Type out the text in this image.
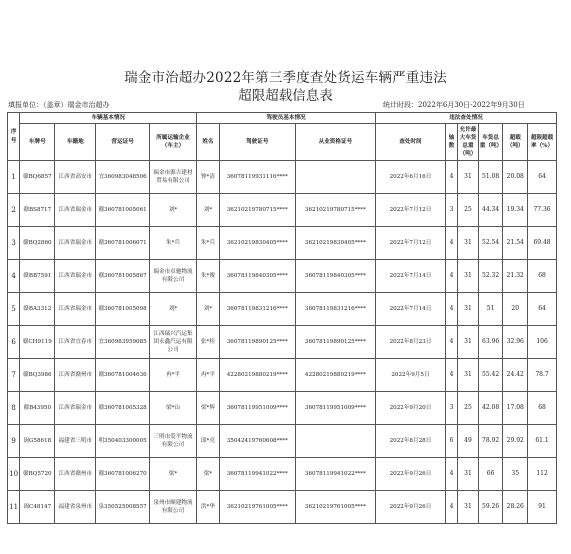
瑞金市治超办2022年第三季度查处货运车辆严重违法
超限超载信息表
填报单位：（盖章）瑞金市治超办	统计时段：2022年6月30日-2022年9月30日
序号	车辆基本情况				驾驶员基本情况			违法查处情况					
	车牌号	车籍地	营运证号	所属运输企业（车主）	姓名	驾驶证号	从业资格证号	查处时间	轴数	允许最大车货总重（吨）	车货总重（吨）	超载（吨）	超限超载率（%）
1	赣BQ6857	江西省高安市	宜360983048506	瑞金市源吉建材贸易有限公司	钟*清	36078119931116****		2022年6月16日	4	31	51.08	20.08	64
2	赣BS8717	江西省瑞金市	赣360781005061	刘*	刘*	36210219780715****	36210219780715****	2022年7月12日	3	25	44.34	19.34	77.36
3	赣BQ2860	江西省瑞金市	赣360781006071	朱*兵	朱*兵	36210219830405****	36210219830405****	2022年7月12日	4	31	52.54	21.54	69.48
4	赣BB7591	江西省瑞金市	赣360781005867	瑞金市卓驰物流有限公司	朱*俊	36078119840305****	36078119840305****	2022年7月14日	4	31	52.32	21.32	68
5	赣BA3312	江西省瑞金市	赣360781005098	刘*	刘*	36078119831216****	36078119831216****	2022年7月14日	4	31	51	20	64
6	赣CH9119	江西省宜春市	宜360983959085	江西瑞兴汽运集团永鑫汽运有限公司	张*桂	36078119890125****	36078119890125****	2022年8月23日	4	31	63.96	32.96	106
7	赣BQ3986	江西省赣州市	赣360781004636	冉*平	冉*平	42280219880219****	42280219880219****	2022年9月5日	4	31	55.42	24.42	78.7
8	赣B43950	江西省瑞金市	赣360781005328	梁*山	梁*辉	36078119951009****	36078119951009****	2022年9月20日	3	25	42.08	17.08	68
9	闽G58618	福建省三明市	明350403300005	三明市爱平物流有限公司	邱*亮	35042419760608****		2022年8月28日	6	49	78.92	29.92	61.1
10	赣BQ5720	江西省赣州市	赣360781006270	梁*	梁*	36078119941022****	36078119941022****	2022年9月26日	4	31	66	35	112
11	闽C48147	福建省泉州市	泉350525008557	泉州市顺建物流有限公司	洪*华	36210219761005****	36210219761005****	2022年9月26日	4	31	59.26	28.26	91
